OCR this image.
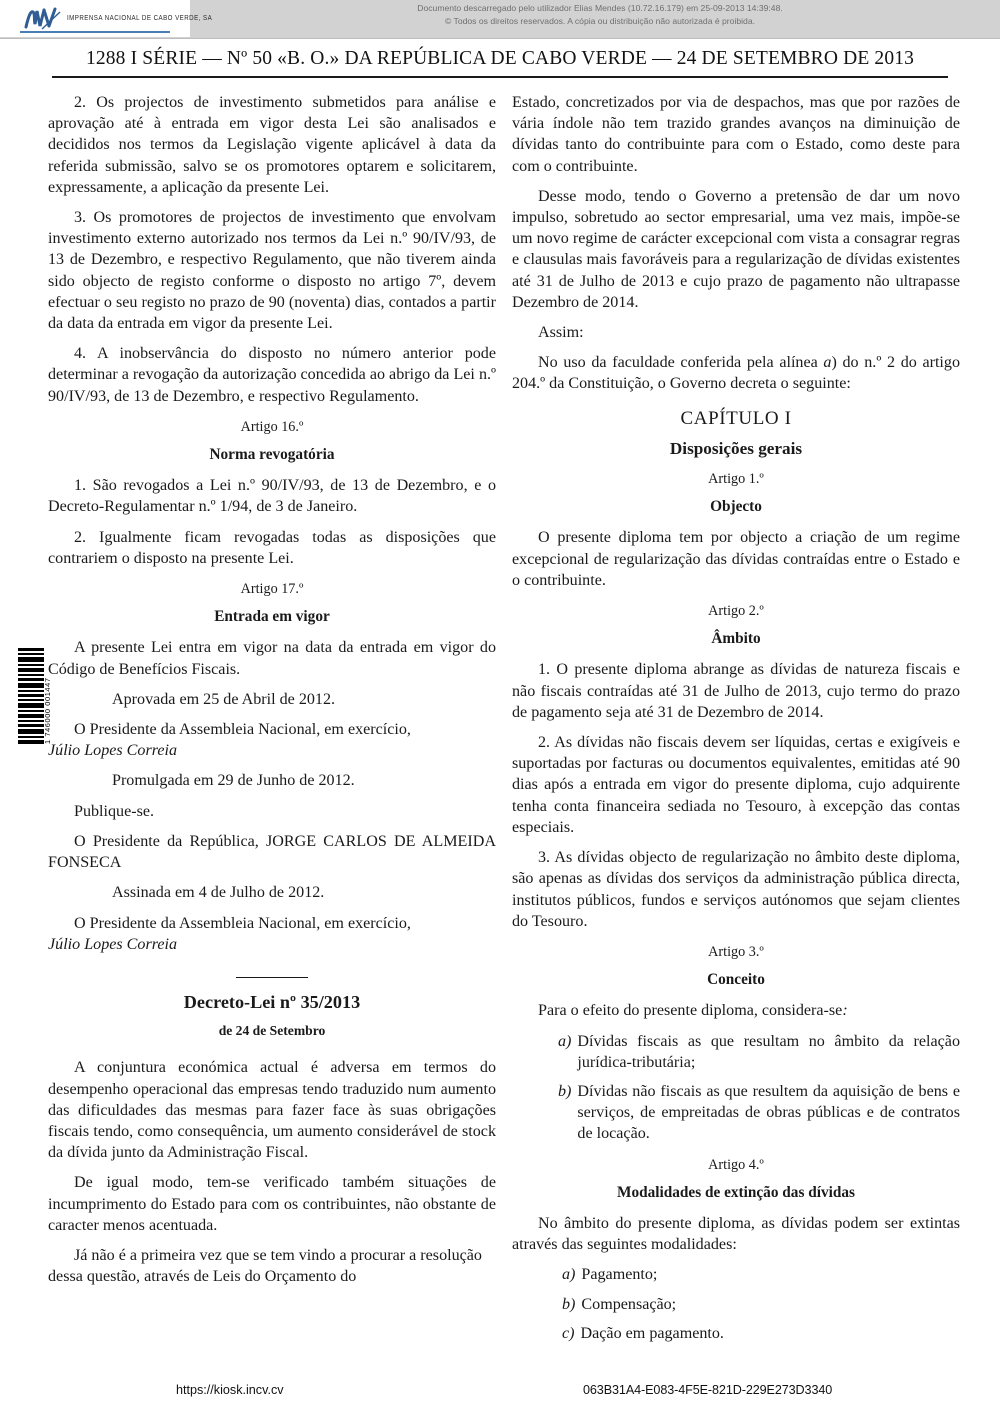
IMPRENSA NACIONAL DE CABO VERDE, SA
Documento descarregado pelo utilizador Elias Mendes (10.72.16.179) em 25-09-2013 14:39:48.
© Todos os direitos reservados. A cópia ou distribuição não autorizada é proibida.
1288 I SÉRIE — Nº 50 «B. O.» DA REPÚBLICA DE CABO VERDE — 24 DE SETEMBRO DE 2013
1 746000 001447

2. Os projectos de investimento submetidos para análise e aprovação até à entrada em vigor desta Lei são analisados e decididos nos termos da Legislação vigente aplicável à data da referida submissão, salvo se os promotores optarem e solicitarem, expressamente, a aplicação da presente Lei.

3. Os promotores de projectos de investimento que envolvam investimento externo autorizado nos termos da Lei n.º 90/IV/93, de 13 de Dezembro, e respectivo Regulamento, que não tiverem ainda sido objecto de registo conforme o disposto no artigo 7º, devem efectuar o seu registo no prazo de 90 (noventa) dias, contados a partir da data da entrada em vigor da presente Lei.

4. A inobservância do disposto no número anterior pode determinar a revogação da autorização concedida ao abrigo da Lei n.º 90/IV/93, de 13 de Dezembro, e respectivo Regulamento.

Artigo 16.º

Norma revogatória

1. São revogados a Lei n.º 90/IV/93, de 13 de Dezembro, e o Decreto-Regulamentar n.º 1/94, de 3 de Janeiro.

2. Igualmente ficam revogadas todas as disposições que contrariem o disposto na presente Lei.

Artigo 17.º

Entrada em vigor

A presente Lei entra em vigor na data da entrada em vigor do Código de Benefícios Fiscais.

Aprovada em 25 de Abril de 2012.

O Presidente da Assembleia Nacional, em exercício,
Júlio Lopes Correia

Promulgada em 29 de Junho de 2012.

Publique-se.

O Presidente da República, JORGE CARLOS DE ALMEIDA FONSECA

Assinada em 4 de Julho de 2012.

O Presidente da Assembleia Nacional, em exercício,
Júlio Lopes Correia

Decreto-Lei nº 35/2013

de 24 de Setembro

A conjuntura económica actual é adversa em termos do desempenho operacional das empresas tendo traduzido num aumento das dificuldades das mesmas para fazer face às suas obrigações fiscais tendo, como consequência, um aumento considerável de stock da dívida junto da Administração Fiscal.

De igual modo, tem-se verificado também situações de incumprimento do Estado para com os contribuintes, não obstante de caracter menos acentuada.

Já não é a primeira vez que se tem vindo a procurar a resolução dessa questão, através de Leis do Orçamento do

Estado, concretizados por via de despachos, mas que por razões de vária índole não tem trazido grandes avanços na diminuição de dívidas tanto do contribuinte para com o Estado, como deste para com o contribuinte.

Desse modo, tendo o Governo a pretensão de dar um novo impulso, sobretudo ao sector empresarial, uma vez mais, impõe-se um novo regime de carácter excepcional com vista a consagrar regras e clausulas mais favoráveis para a regularização de dívidas existentes até 31 de Julho de 2013 e cujo prazo de pagamento não ultrapasse Dezembro de 2014.

Assim:

No uso da faculdade conferida pela alínea a) do n.º 2 do artigo 204.º da Constituição, o Governo decreta o seguinte:

CAPÍTULO I

Disposições gerais

Artigo 1.º

Objecto

O presente diploma tem por objecto a criação de um regime excepcional de regularização das dívidas contraídas entre o Estado e o contribuinte.

Artigo 2.º

Âmbito

1. O presente diploma abrange as dívidas de natureza fiscais e não fiscais contraídas até 31 de Julho de 2013, cujo termo do prazo de pagamento seja até 31 de Dezembro de 2014.

2. As dívidas não fiscais devem ser líquidas, certas e exigíveis e suportadas por facturas ou documentos equivalentes, emitidas até 90 dias após a entrada em vigor do presente diploma, cujo adquirente tenha conta financeira sediada no Tesouro, à excepção das contas especiais.

3. As dívidas objecto de regularização no âmbito deste diploma, são apenas as dívidas dos serviços da administração pública directa, institutos públicos, fundos e serviços autónomos que sejam clientes do Tesouro.

Artigo 3.º

Conceito

Para o efeito do presente diploma, considera-se:

a) Dívidas fiscais as que resultam no âmbito da relação jurídica-tributária;
b) Dívidas não fiscais as que resultem da aquisição de bens e serviços, de empreitadas de obras públicas e de contratos de locação.

Artigo 4.º

Modalidades de extinção das dívidas

No âmbito do presente diploma, as dívidas podem ser extintas através das seguintes modalidades:

a) Pagamento;
b) Compensação;
c) Dação em pagamento.
https://kiosk.incv.cv	063B31A4-E083-4F5E-821D-229E273D3340
